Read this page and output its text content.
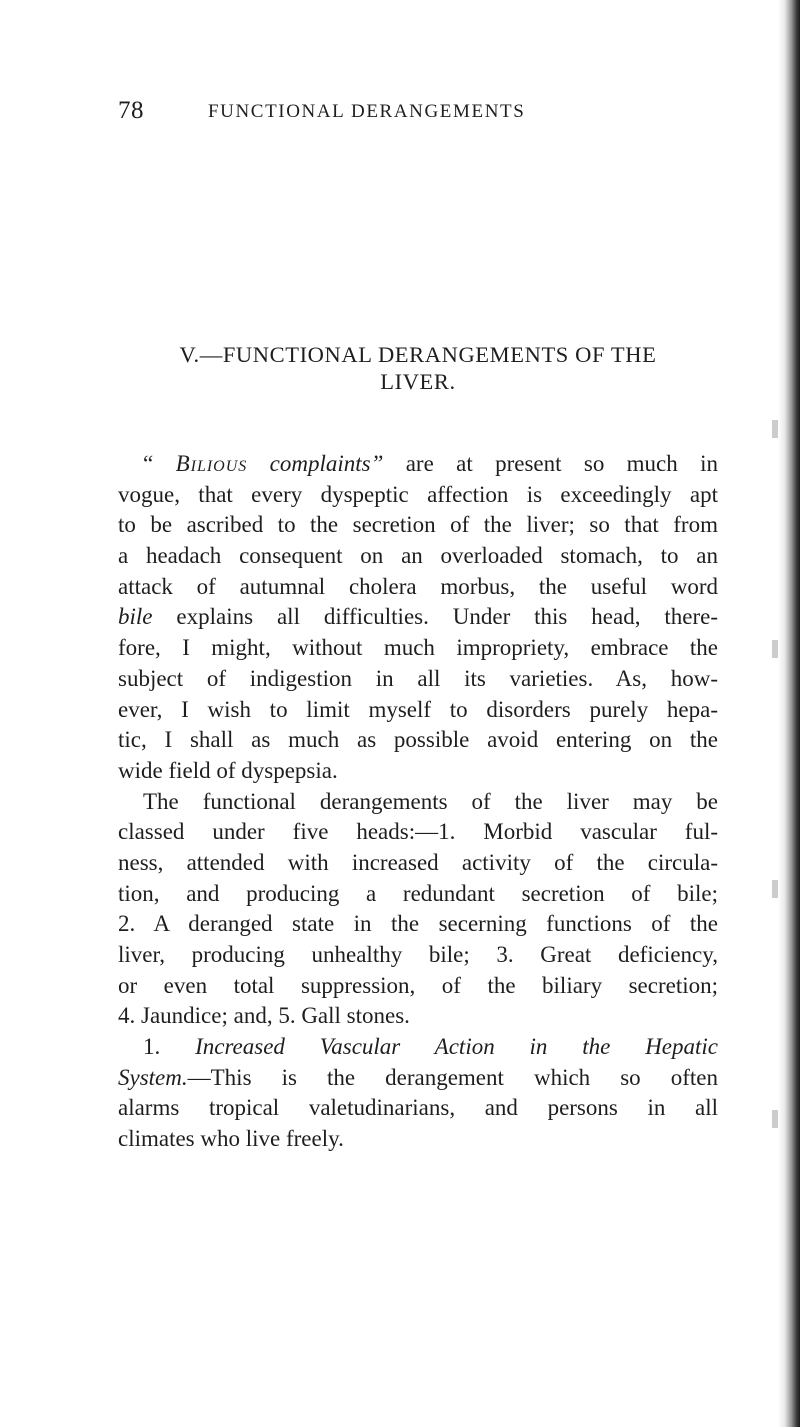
78	FUNCTIONAL DERANGEMENTS
V.—FUNCTIONAL DERANGEMENTS OF THE
LIVER.
“ Bilious complaints” are at present so much in
vogue, that every dyspeptic affection is exceedingly apt
to be ascribed to the secretion of the liver; so that from
a headach consequent on an overloaded stomach, to an
attack of autumnal cholera morbus, the useful word
bile explains all difficulties. Under this head, there-
fore, I might, without much impropriety, embrace the
subject of indigestion in all its varieties. As, how-
ever, I wish to limit myself to disorders purely hepa-
tic, I shall as much as possible avoid entering on the
wide field of dyspepsia.
The functional derangements of the liver may be
classed under five heads:—1. Morbid vascular ful-
ness, attended with increased activity of the circula-
tion, and producing a redundant secretion of bile;
2. A deranged state in the secerning functions of the
liver, producing unhealthy bile; 3. Great deficiency,
or even total suppression, of the biliary secretion;
4. Jaundice; and, 5. Gall stones.
1. Increased Vascular Action in the Hepatic
System.—This is the derangement which so often
alarms tropical valetudinarians, and persons in all
climates who live freely.
